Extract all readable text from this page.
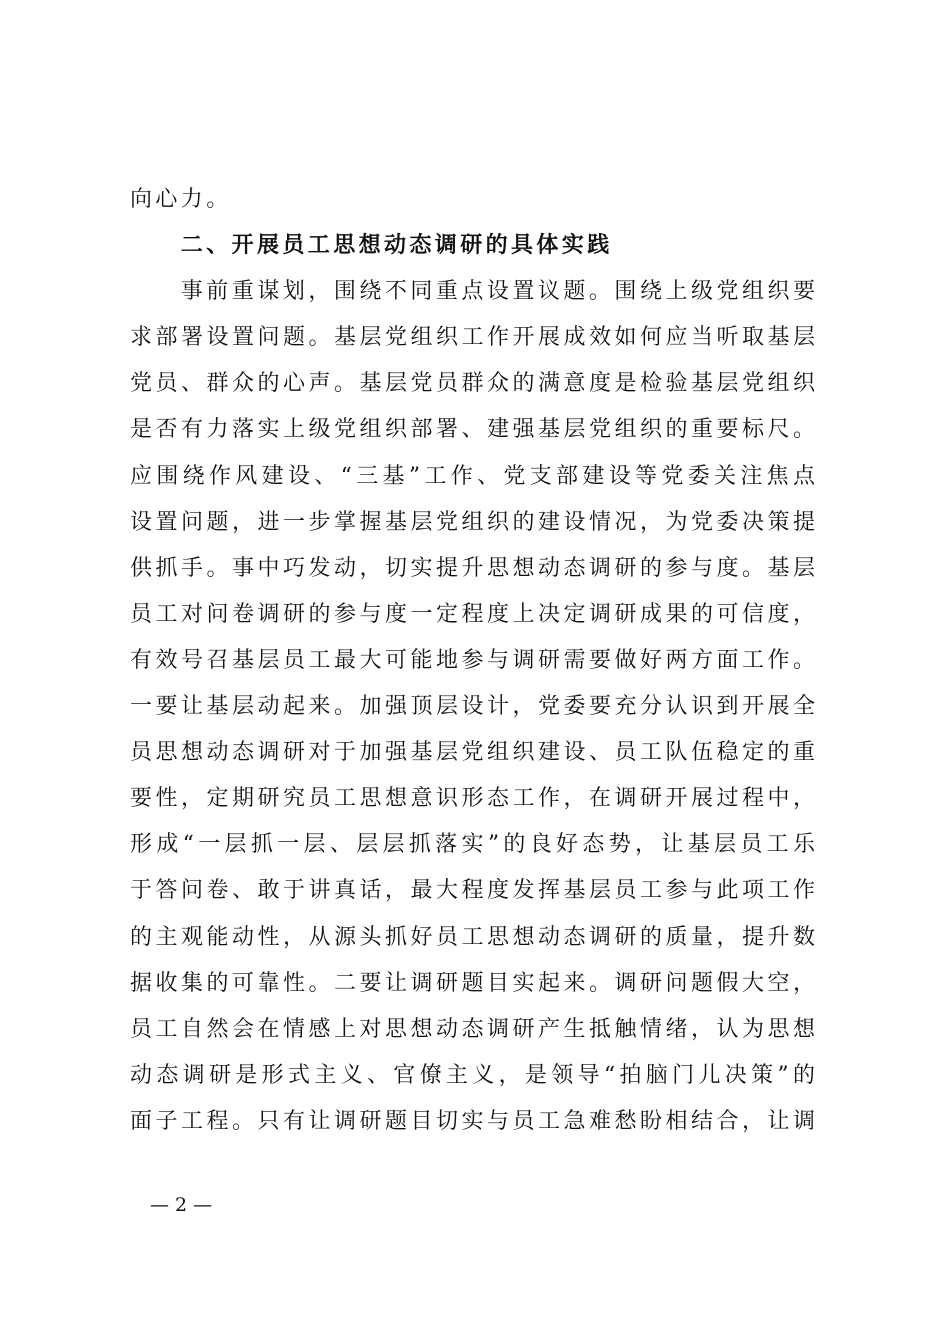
向心力。
二、开展员工思想动态调研的具体实践
事前重谋划，围绕不同重点设置议题。围绕上级党组织要
求部署设置问题。基层党组织工作开展成效如何应当听取基层
党员、群众的心声。基层党员群众的满意度是检验基层党组织
是否有力落实上级党组织部署、建强基层党组织的重要标尺。
应围绕作风建设、“三基”工作、党支部建设等党委关注焦点
设置问题，进一步掌握基层党组织的建设情况，为党委决策提
供抓手。事中巧发动，切实提升思想动态调研的参与度。基层
员工对问卷调研的参与度一定程度上决定调研成果的可信度，
有效号召基层员工最大可能地参与调研需要做好两方面工作。
一要让基层动起来。加强顶层设计，党委要充分认识到开展全
员思想动态调研对于加强基层党组织建设、员工队伍稳定的重
要性，定期研究员工思想意识形态工作，在调研开展过程中，
形成“一层抓一层、层层抓落实”的良好态势，让基层员工乐
于答问卷、敢于讲真话，最大程度发挥基层员工参与此项工作
的主观能动性，从源头抓好员工思想动态调研的质量，提升数
据收集的可靠性。二要让调研题目实起来。调研问题假大空，
员工自然会在情感上对思想动态调研产生抵触情绪，认为思想
动态调研是形式主义、官僚主义，是领导“拍脑门儿决策”的
面子工程。只有让调研题目切实与员工急难愁盼相结合，让调
— 2 —
